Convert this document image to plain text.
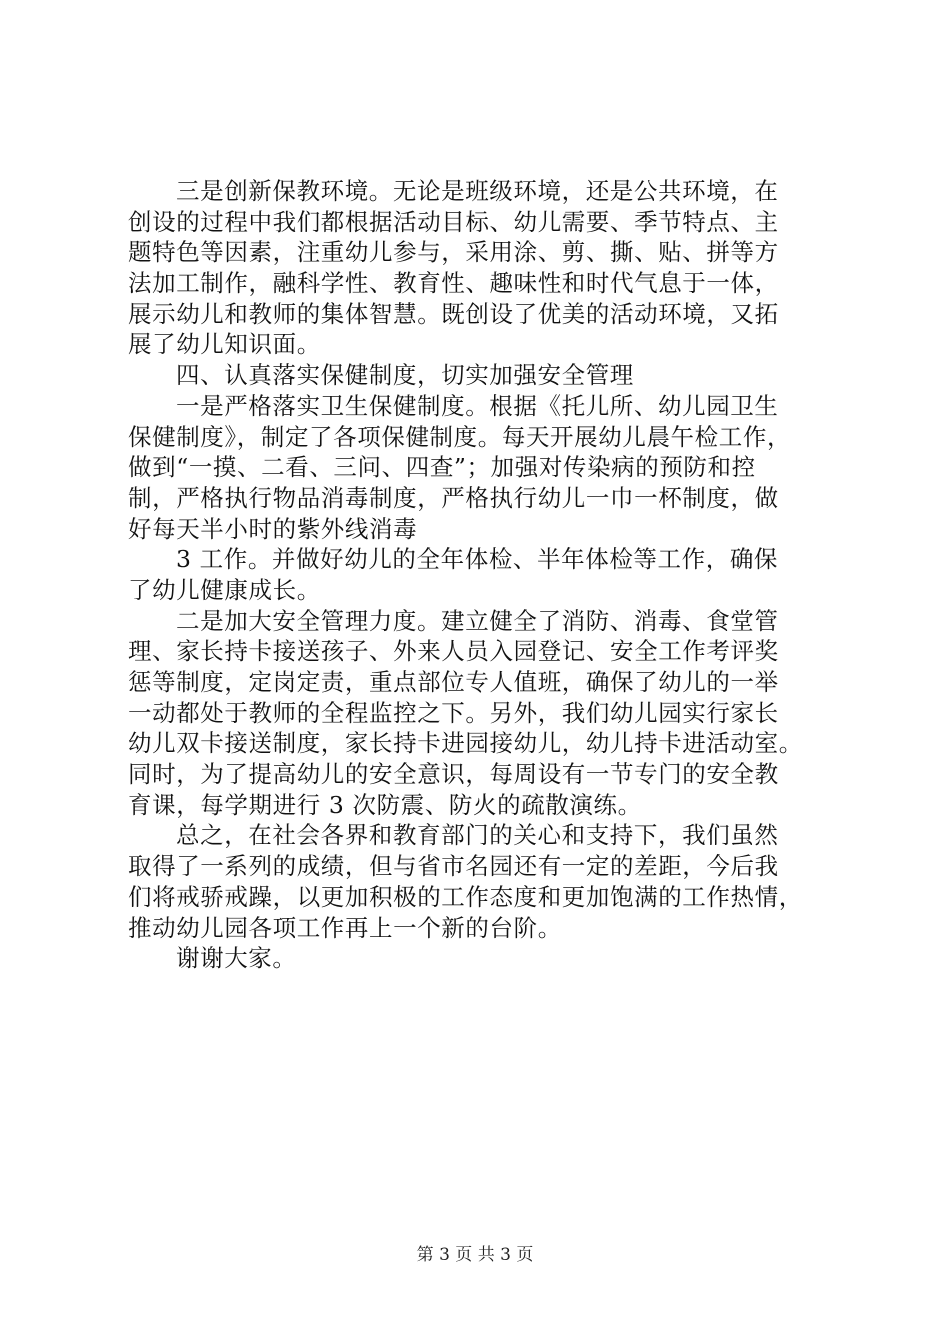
三是创新保教环境。无论是班级环境，还是公共环境，在
创设的过程中我们都根据活动目标、幼儿需要、季节特点、主
题特色等因素，注重幼儿参与，采用涂、剪、撕、贴、拼等方
法加工制作，融科学性、教育性、趣味性和时代气息于一体，
展示幼儿和教师的集体智慧。既创设了优美的活动环境，又拓
展了幼儿知识面。
四、认真落实保健制度，切实加强安全管理
一是严格落实卫生保健制度。根据《托儿所、幼儿园卫生
保健制度》，制定了各项保健制度。每天开展幼儿晨午检工作，
做到“一摸、二看、三问、四查”；加强对传染病的预防和控
制，严格执行物品消毒制度，严格执行幼儿一巾一杯制度，做
好每天半小时的紫外线消毒
3 工作。并做好幼儿的全年体检、半年体检等工作，确保
了幼儿健康成长。
二是加大安全管理力度。建立健全了消防、消毒、食堂管
理、家长持卡接送孩子、外来人员入园登记、安全工作考评奖
惩等制度，定岗定责，重点部位专人值班，确保了幼儿的一举
一动都处于教师的全程监控之下。另外，我们幼儿园实行家长
幼儿双卡接送制度，家长持卡进园接幼儿，幼儿持卡进活动室。
同时，为了提高幼儿的安全意识，每周设有一节专门的安全教
育课，每学期进行 3 次防震、防火的疏散演练。
总之，在社会各界和教育部门的关心和支持下，我们虽然
取得了一系列的成绩，但与省市名园还有一定的差距，今后我
们将戒骄戒躁，以更加积极的工作态度和更加饱满的工作热情，
推动幼儿园各项工作再上一个新的台阶。
谢谢大家。
第 3 页 共 3 页
